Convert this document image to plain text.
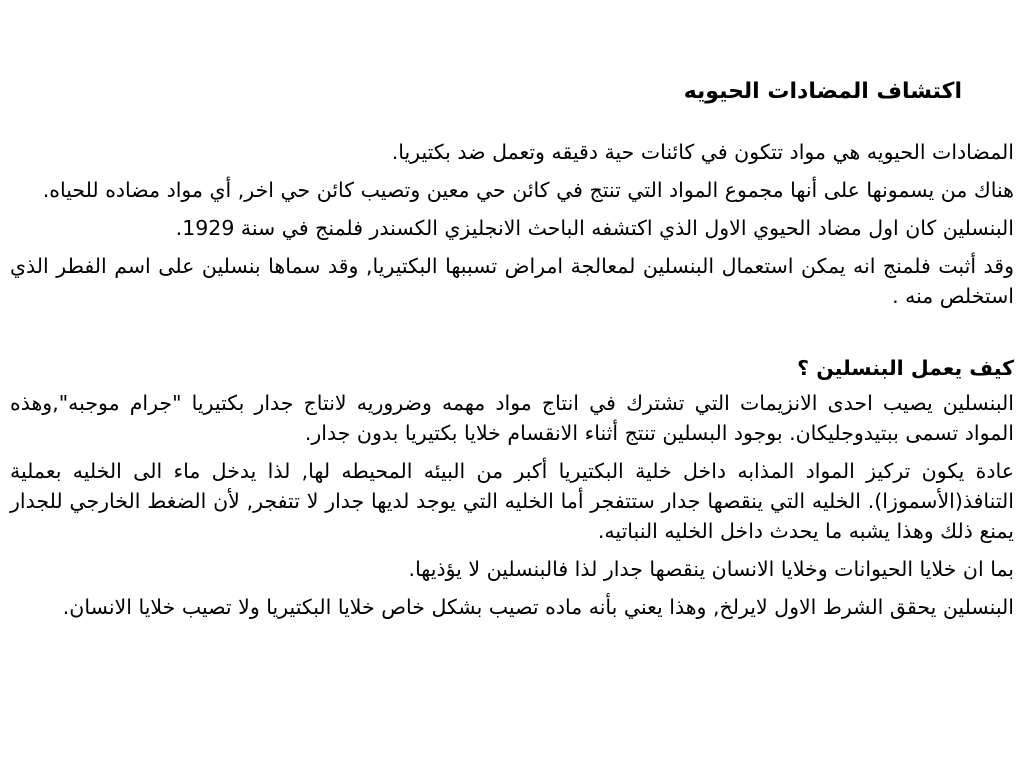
اكتشاف المضادات الحيويه

المضادات الحيويه هي مواد تتكون في كائنات حية دقيقه وتعمل ضد بكتيريا.

هناك من يسمونها على أنها مجموع المواد التي تنتج في كائن حي معين وتصيب كائن حي اخر, أي مواد مضاده للحياه.

البنسلين كان اول مضاد الحيوي الاول الذي اكتشفه الباحث الانجليزي الكسندر فلمنج في سنة 1929.

وقد أثبت فلمنج انه يمكن استعمال البنسلين لمعالجة امراض تسببها البكتيريا, وقد سماها بنسلين على اسم الفطر الذي استخلص منه .

كيف يعمل البنسلين ؟

البنسلين يصيب احدى الانزيمات التي تشترك في انتاج مواد مهمه وضروريه لانتاج جدار بكتيريا "جرام موجبه",وهذه المواد تسمى ببتيدوجليكان. بوجود البسلين تنتج أثناء الانقسام خلايا بكتيريا بدون جدار.

عادة يكون تركيز المواد المذابه داخل خلية البكتيريا أكبر من البيئه المحيطه لها, لذا يدخل ماء الى الخليه بعملية التنافذ(الأسموزا). الخليه التي ينقصها جدار ستتفجر أما الخليه التي يوجد لديها جدار لا تتفجر, لأن الضغط الخارجي للجدار يمنع ذلك وهذا يشبه ما يحدث داخل الخليه النباتيه.

بما ان خلايا الحيوانات وخلايا الانسان ينقصها جدار لذا فالبنسلين لا يؤذيها.

البنسلين يحقق الشرط الاول لايرلخ, وهذا يعني بأنه ماده تصيب بشكل خاص خلايا البكتيريا ولا تصيب خلايا الانسان.
